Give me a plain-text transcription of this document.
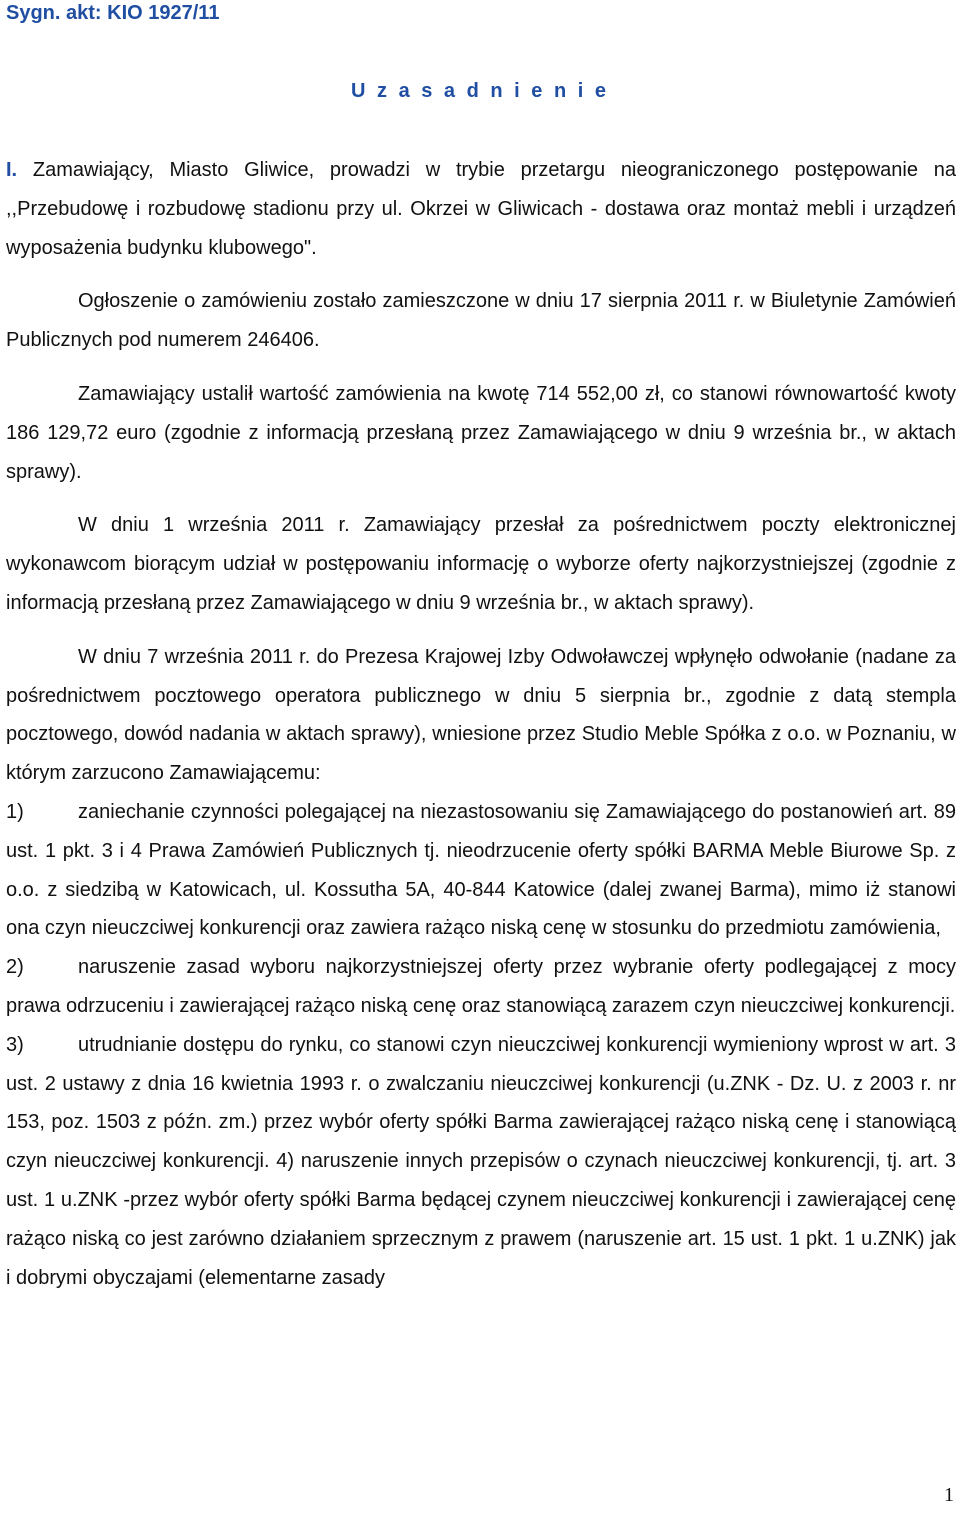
Sygn. akt: KIO 1927/11
U z a s a d n i e n i e

I. Zamawiający, Miasto Gliwice, prowadzi w trybie przetargu nieograniczonego postępowanie na ,,Przebudowę i rozbudowę stadionu przy ul. Okrzei w Gliwicach - dostawa oraz montaż mebli i urządzeń wyposażenia budynku klubowego".

Ogłoszenie o zamówieniu zostało zamieszczone w dniu 17 sierpnia 2011 r. w Biuletynie Zamówień Publicznych pod numerem 246406.

Zamawiający ustalił wartość zamówienia na kwotę 714 552,00 zł, co stanowi równowartość kwoty 186 129,72 euro (zgodnie z informacją przesłaną przez Zamawiającego w dniu 9 września br., w aktach sprawy).

W dniu 1 września 2011 r. Zamawiający przesłał za pośrednictwem poczty elektronicznej wykonawcom biorącym udział w postępowaniu informację o wyborze oferty najkorzystniejszej (zgodnie z informacją przesłaną przez Zamawiającego w dniu 9 września br., w aktach sprawy).

W dniu 7 września 2011 r. do Prezesa Krajowej Izby Odwoławczej wpłynęło odwołanie (nadane za pośrednictwem pocztowego operatora publicznego w dniu 5 sierpnia br., zgodnie z datą stempla pocztowego, dowód nadania w aktach sprawy), wniesione przez Studio Meble Spółka z o.o. w Poznaniu, w którym zarzucono Zamawiającemu:

1)	zaniechanie czynności polegającej na niezastosowaniu się Zamawiającego do postanowień art. 89 ust. 1 pkt. 3 i 4 Prawa Zamówień Publicznych tj. nieodrzucenie oferty spółki BARMA Meble Biurowe Sp. z o.o. z siedzibą w Katowicach, ul. Kossutha 5A, 40-844 Katowice (dalej zwanej Barma), mimo iż stanowi ona czyn nieuczciwej konkurencji oraz zawiera rażąco niską cenę w stosunku do przedmiotu zamówienia,

2)	naruszenie zasad wyboru najkorzystniejszej oferty przez wybranie oferty podlegającej z mocy prawa odrzuceniu i zawierającej rażąco niską cenę oraz stanowiącą zarazem czyn nieuczciwej konkurencji.

3)	utrudnianie dostępu do rynku, co stanowi czyn nieuczciwej konkurencji wymieniony wprost w art. 3 ust. 2 ustawy z dnia 16 kwietnia 1993 r. o zwalczaniu nieuczciwej konkurencji (u.ZNK - Dz. U. z 2003 r. nr 153, poz. 1503 z późn. zm.) przez wybór oferty spółki Barma zawierającej rażąco niską cenę i stanowiącą czyn nieuczciwej konkurencji. 4) naruszenie innych przepisów o czynach nieuczciwej konkurencji, tj. art. 3 ust. 1 u.ZNK -przez wybór oferty spółki Barma będącej czynem nieuczciwej konkurencji i zawierającej cenę rażąco niską co jest zarówno działaniem sprzecznym z prawem (naruszenie art. 15 ust. 1 pkt. 1 u.ZNK) jak i dobrymi obyczajami (elementarne zasady

1
